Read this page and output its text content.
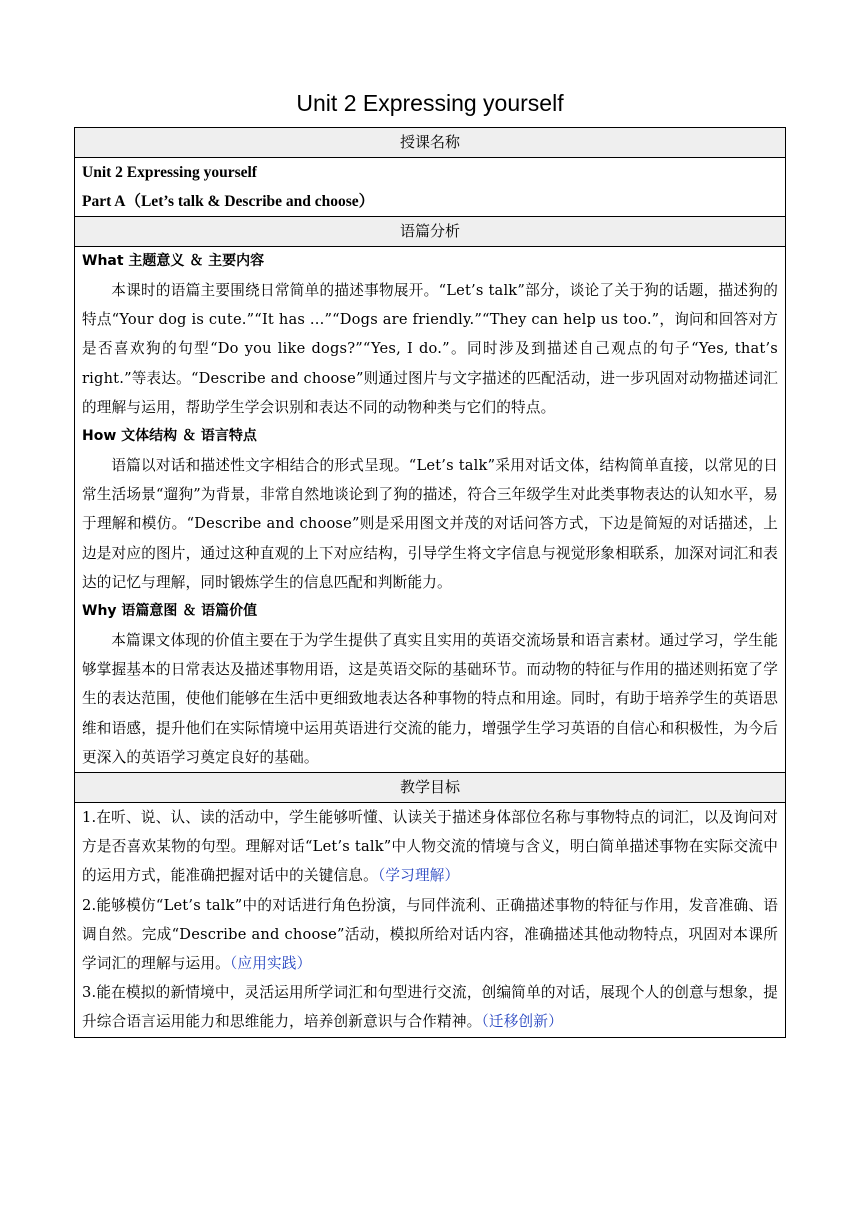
Unit 2 Expressing yourself
授课名称

Unit 2 Expressing yourself

Part A（Let’s talk & Describe and choose）

语篇分析

What 主题意义 ＆ 主要内容

本课时的语篇主要围绕日常简单的描述事物展开。“Let’s talk”部分，谈论了关于狗的话题，描述狗的特点“Your dog is cute.”“It has ...”“Dogs are friendly.”“They can help us too.”，询问和回答对方是否喜欢狗的句型“Do you like dogs?”“Yes, I do.”。同时涉及到描述自己观点的句子“Yes, that’s right.”等表达。“Describe and choose”则通过图片与文字描述的匹配活动，进一步巩固对动物描述词汇的理解与运用，帮助学生学会识别和表达不同的动物种类与它们的特点。

How 文体结构 ＆ 语言特点

语篇以对话和描述性文字相结合的形式呈现。“Let’s talk”采用对话文体，结构简单直接，以常见的日常生活场景“遛狗”为背景，非常自然地谈论到了狗的描述，符合三年级学生对此类事物表达的认知水平，易于理解和模仿。“Describe and choose”则是采用图文并茂的对话问答方式，下边是简短的对话描述，上边是对应的图片，通过这种直观的上下对应结构，引导学生将文字信息与视觉形象相联系，加深对词汇和表达的记忆与理解，同时锻炼学生的信息匹配和判断能力。

Why 语篇意图 ＆ 语篇价值

本篇课文体现的价值主要在于为学生提供了真实且实用的英语交流场景和语言素材。通过学习，学生能够掌握基本的日常表达及描述事物用语，这是英语交际的基础环节。而动物的特征与作用的描述则拓宽了学生的表达范围，使他们能够在生活中更细致地表达各种事物的特点和用途。同时，有助于培养学生的英语思维和语感，提升他们在实际情境中运用英语进行交流的能力，增强学生学习英语的自信心和积极性，为今后更深入的英语学习奠定良好的基础。

教学目标

1.在听、说、认、读的活动中，学生能够听懂、认读关于描述身体部位名称与事物特点的词汇，以及询问对方是否喜欢某物的句型。理解对话“Let’s talk”中人物交流的情境与含义，明白简单描述事物在实际交流中的运用方式，能准确把握对话中的关键信息。（学习理解）

2.能够模仿“Let’s talk”中的对话进行角色扮演，与同伴流利、正确描述事物的特征与作用，发音准确、语调自然。完成“Describe and choose”活动，模拟所给对话内容，准确描述其他动物特点，巩固对本课所学词汇的理解与运用。（应用实践）

3.能在模拟的新情境中，灵活运用所学词汇和句型进行交流，创编简单的对话，展现个人的创意与想象，提升综合语言运用能力和思维能力，培养创新意识与合作精神。（迁移创新）
